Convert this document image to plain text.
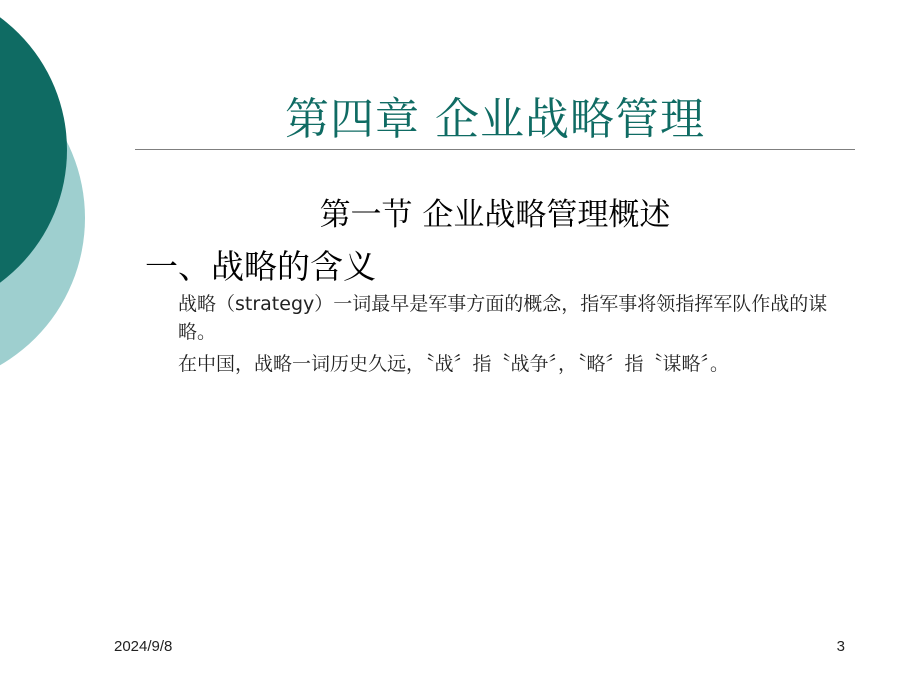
第四章 企业战略管理
第一节 企业战略管理概述
一、战略的含义
战略（strategy）一词最早是军事方面的概念，指军事将领指挥军队作战的谋略。
在中国，战略一词历史久远，〝战〞指〝战争〞，〝略〞指〝谋略〞。
2024/9/8	3
